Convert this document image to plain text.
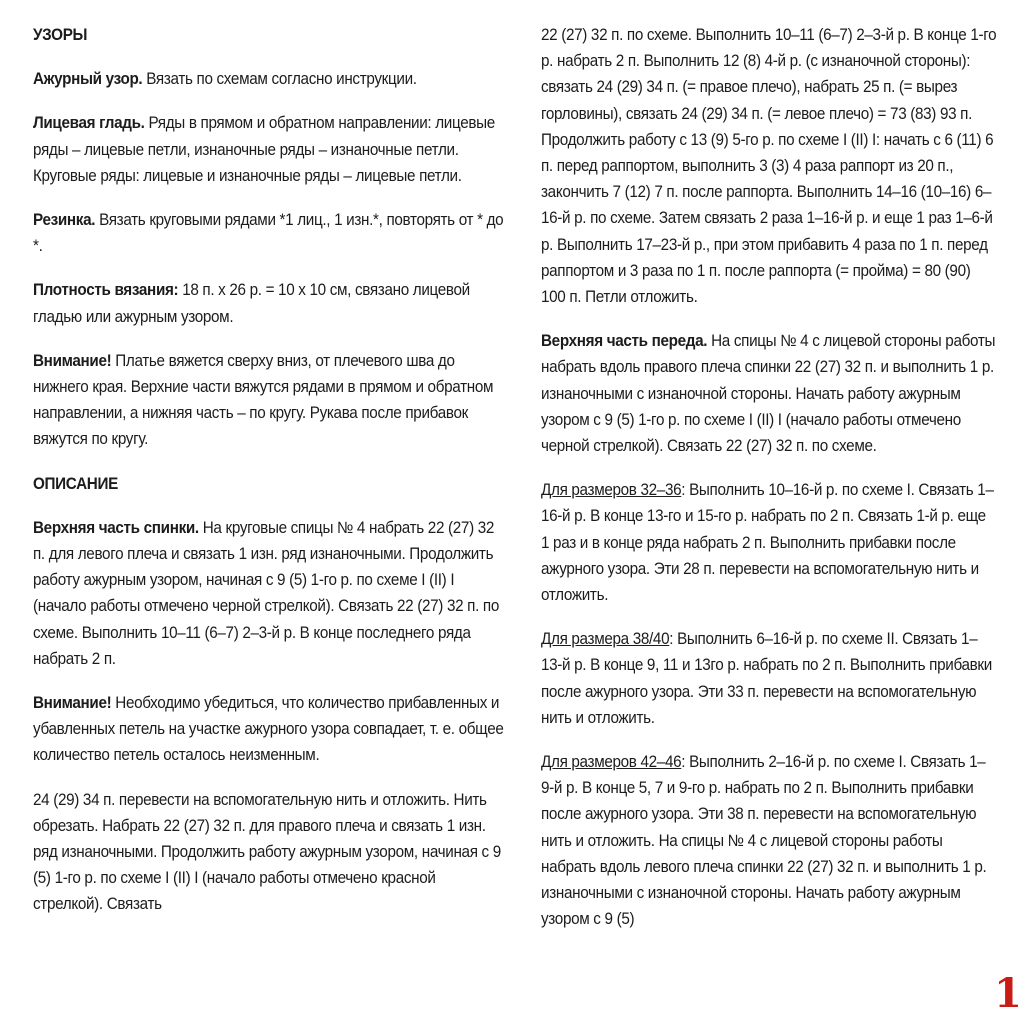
УЗОРЫ

Ажурный узор. Вязать по схемам согласно инструкции.

Лицевая гладь. Ряды в прямом и обратном направлении: лицевые ряды – лицевые петли, изнаночные ряды – изнаночные петли. Круговые ряды: лицевые и изнаночные ряды – лицевые петли.

Резинка. Вязать круговыми рядами *1 лиц., 1 изн.*, повторять от * до *.

Плотность вязания: 18 п. х 26 р. = 10 х 10 см, связано лицевой гладью или ажурным узором.

Внимание! Платье вяжется сверху вниз, от плечевого шва до нижнего края. Верхние части вяжутся рядами в прямом и обратном направлении, а нижняя часть – по кругу. Рукава после прибавок вяжутся по кругу.

ОПИСАНИЕ

Верхняя часть спинки. На круговые спицы № 4 набрать 22 (27) 32 п. для левого плеча и связать 1 изн. ряд изнаночными. Продолжить работу ажурным узором, начиная с 9 (5) 1-го р. по схеме I (II) I (начало работы отмечено черной стрелкой). Связать 22 (27) 32 п. по схеме. Выполнить 10–11 (6–7) 2–3-й р. В конце последнего ряда набрать 2 п.

Внимание! Необходимо убедиться, что количество прибавленных и убавленных петель на участке ажурного узора совпадает, т. е. общее количество петель осталось неизменным.

24 (29) 34 п. перевести на вспомогательную нить и отложить. Нить обрезать. Набрать 22 (27) 32 п. для правого плеча и связать 1 изн. ряд изнаночными. Продолжить работу ажурным узором, начиная с 9 (5) 1-го р. по схеме I (II) I (начало работы отмечено красной стрелкой). Связать

22 (27) 32 п. по схеме. Выполнить 10–11 (6–7) 2–3-й р. В конце 1-го р. набрать 2 п. Выполнить 12 (8) 4-й р. (с изнаночной стороны): связать 24 (29) 34 п. (= правое плечо), набрать 25 п. (= вырез горловины), связать 24 (29) 34 п. (= левое плечо) = 73 (83) 93 п. Продолжить работу с 13 (9) 5-го р. по схеме I (II) I: начать с 6 (11) 6 п. перед раппортом, выполнить 3 (3) 4 раза раппорт из 20 п., закончить 7 (12) 7 п. после раппорта. Выполнить 14–16 (10–16) 6–16-й р. по схеме. Затем связать 2 раза 1–16-й р. и еще 1 раз 1–6-й р. Выполнить 17–23-й р., при этом прибавить 4 раза по 1 п. перед раппортом и 3 раза по 1 п. после раппорта (= пройма) = 80 (90) 100 п. Петли отложить.

Верхняя часть переда. На спицы № 4 с лицевой стороны работы набрать вдоль правого плеча спинки 22 (27) 32 п. и выполнить 1 р. изнаночными с изнаночной стороны. Начать работу ажурным узором с 9 (5) 1-го р. по схеме I (II) I (начало работы отмечено черной стрелкой). Связать 22 (27) 32 п. по схеме.

Для размеров 32–36: Выполнить 10–16-й р. по схеме I. Связать 1–16-й р. В конце 13-го и 15-го р. набрать по 2 п. Связать 1-й р. еще 1 раз и в конце ряда набрать 2 п. Выполнить прибавки после ажурного узора. Эти 28 п. перевести на вспомогательную нить и отложить.

Для размера 38/40: Выполнить 6–16-й р. по схеме II. Связать 1–13-й р. В конце 9, 11 и 13го р. набрать по 2 п. Выполнить прибавки после ажурного узора. Эти 33 п. перевести на вспомогательную нить и отложить.

Для размеров 42–46: Выполнить 2–16-й р. по схеме I. Связать 1–9-й р. В конце 5, 7 и 9-го р. набрать по 2 п. Выполнить прибавки после ажурного узора. Эти 38 п. перевести на вспомогательную нить и отложить. На спицы № 4 с лицевой стороны работы набрать вдоль левого плеча спинки 22 (27) 32 п. и выполнить 1 р. изнаночными с изнаночной стороны. Начать работу ажурным узором с 9 (5)

1
